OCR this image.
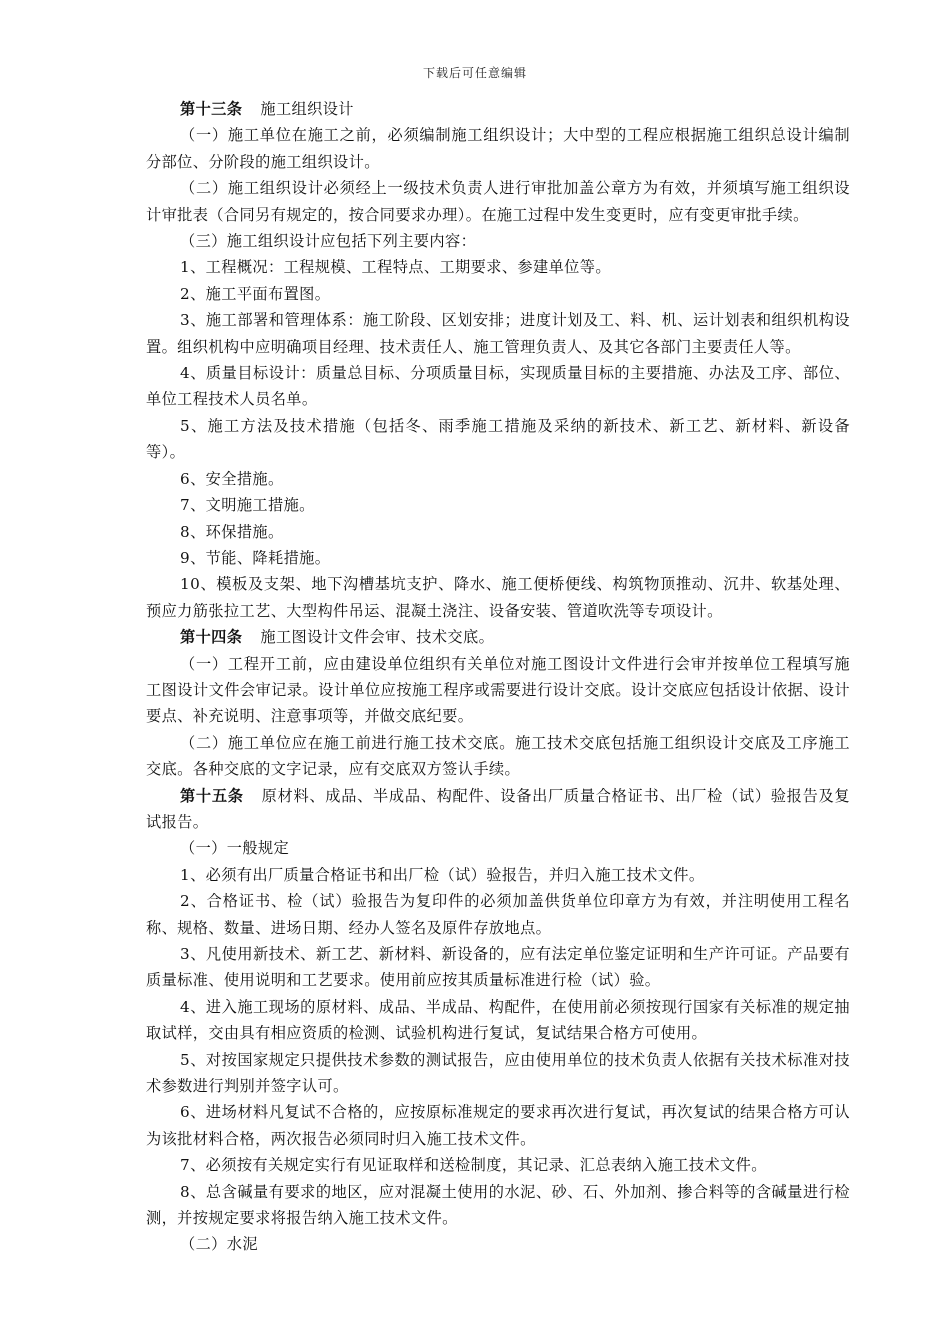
下载后可任意编辑

第十三条 施工组织设计

（一）施工单位在施工之前，必须编制施工组织设计；大中型的工程应根据施工组织总设计编制分部位、分阶段的施工组织设计。

（二）施工组织设计必须经上一级技术负责人进行审批加盖公章方为有效，并须填写施工组织设计审批表（合同另有规定的，按合同要求办理）。在施工过程中发生变更时，应有变更审批手续。

（三）施工组织设计应包括下列主要内容：

1、工程概况：工程规模、工程特点、工期要求、参建单位等。

2、施工平面布置图。

3、施工部署和管理体系：施工阶段、区划安排；进度计划及工、料、机、运计划表和组织机构设置。组织机构中应明确项目经理、技术责任人、施工管理负责人、及其它各部门主要责任人等。

4、质量目标设计：质量总目标、分项质量目标，实现质量目标的主要措施、办法及工序、部位、单位工程技术人员名单。

5、施工方法及技术措施（包括冬、雨季施工措施及采纳的新技术、新工艺、新材料、新设备等）。

6、安全措施。

7、文明施工措施。

8、环保措施。

9、节能、降耗措施。

10、模板及支架、地下沟槽基坑支护、降水、施工便桥便线、构筑物顶推动、沉井、软基处理、预应力筋张拉工艺、大型构件吊运、混凝土浇注、设备安装、管道吹洗等专项设计。

第十四条 施工图设计文件会审、技术交底。

（一）工程开工前，应由建设单位组织有关单位对施工图设计文件进行会审并按单位工程填写施工图设计文件会审记录。设计单位应按施工程序或需要进行设计交底。设计交底应包括设计依据、设计要点、补充说明、注意事项等，并做交底纪要。

（二）施工单位应在施工前进行施工技术交底。施工技术交底包括施工组织设计交底及工序施工交底。各种交底的文字记录，应有交底双方签认手续。

第十五条 原材料、成品、半成品、构配件、设备出厂质量合格证书、出厂检（试）验报告及复试报告。

（一）一般规定

1、必须有出厂质量合格证书和出厂检（试）验报告，并归入施工技术文件。

2、合格证书、检（试）验报告为复印件的必须加盖供货单位印章方为有效，并注明使用工程名称、规格、数量、进场日期、经办人签名及原件存放地点。

3、凡使用新技术、新工艺、新材料、新设备的，应有法定单位鉴定证明和生产许可证。产品要有质量标准、使用说明和工艺要求。使用前应按其质量标准进行检（试）验。

4、进入施工现场的原材料、成品、半成品、构配件，在使用前必须按现行国家有关标准的规定抽取试样，交由具有相应资质的检测、试验机构进行复试，复试结果合格方可使用。

5、对按国家规定只提供技术参数的测试报告，应由使用单位的技术负责人依据有关技术标准对技术参数进行判别并签字认可。

6、进场材料凡复试不合格的，应按原标准规定的要求再次进行复试，再次复试的结果合格方可认为该批材料合格，两次报告必须同时归入施工技术文件。

7、必须按有关规定实行有见证取样和送检制度，其记录、汇总表纳入施工技术文件。

8、总含碱量有要求的地区，应对混凝土使用的水泥、砂、石、外加剂、掺合料等的含碱量进行检测，并按规定要求将报告纳入施工技术文件。

（二）水泥
